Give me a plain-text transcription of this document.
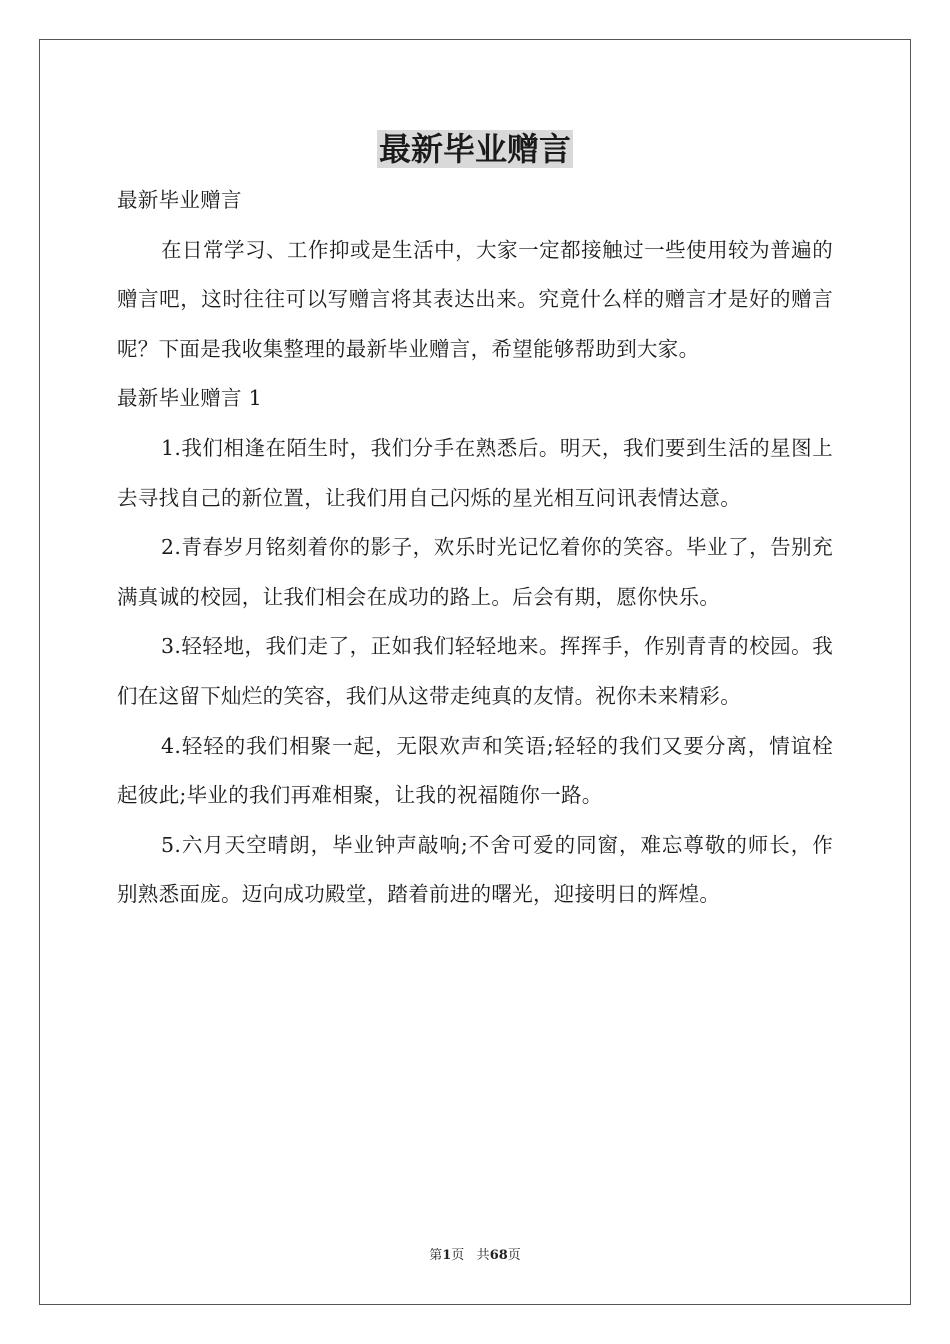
最新毕业赠言

最新毕业赠言

在日常学习、工作抑或是生活中，大家一定都接触过一些使用较为普遍的赠言吧，这时往往可以写赠言将其表达出来。究竟什么样的赠言才是好的赠言呢？下面是我收集整理的最新毕业赠言，希望能够帮助到大家。

最新毕业赠言 1

1.我们相逢在陌生时，我们分手在熟悉后。明天，我们要到生活的星图上去寻找自己的新位置，让我们用自己闪烁的星光相互问讯表情达意。

2.青春岁月铭刻着你的影子，欢乐时光记忆着你的笑容。毕业了，告别充满真诚的校园，让我们相会在成功的路上。后会有期，愿你快乐。

3.轻轻地，我们走了，正如我们轻轻地来。挥挥手，作别青青的校园。我们在这留下灿烂的笑容，我们从这带走纯真的友情。祝你未来精彩。

4.轻轻的我们相聚一起，无限欢声和笑语;轻轻的我们又要分离，情谊栓起彼此;毕业的我们再难相聚，让我的祝福随你一路。

5.六月天空晴朗，毕业钟声敲响;不舍可爱的同窗，难忘尊敬的师长，作别熟悉面庞。迈向成功殿堂，踏着前进的曙光，迎接明日的辉煌。

第1页 共68页
